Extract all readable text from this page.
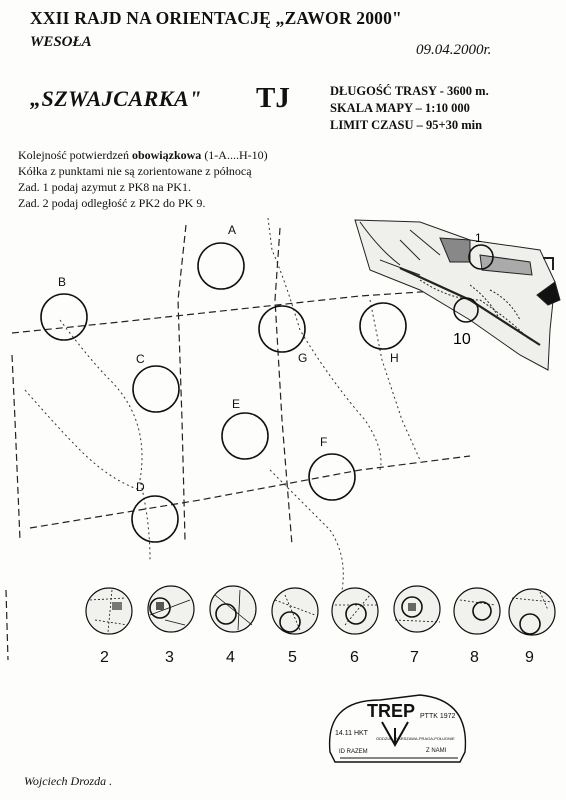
XXII RAJD NA ORIENTACJĘ „ZAWOR 2000"
WESOŁA	09.04.2000r.
„SZWAJCARKA" TJ	DŁUGOŚĆ TRASY - 3600 m.
SKALA MAPY – 1:10 000
LIMIT CZASU – 95+30 min
Kolejność potwierdzeń obowiązkowa (1-A....H-10)
Kółka z punktami nie są zorientowane z północą
Zad. 1 podaj azymut z PK8 na PK1.
Zad. 2 podaj odległość z PK2 do PK 9.
1
10
A
B
C
D
E
F
G	H
2	3	4	5	6	7	8	9
TREP
14.11 HKT
PTTK 1972
ID RAZEM	Z NAMI
ODDZIAŁ WARSZAWA-PRAGA-POŁUDNIE
Wojciech Drozda .
